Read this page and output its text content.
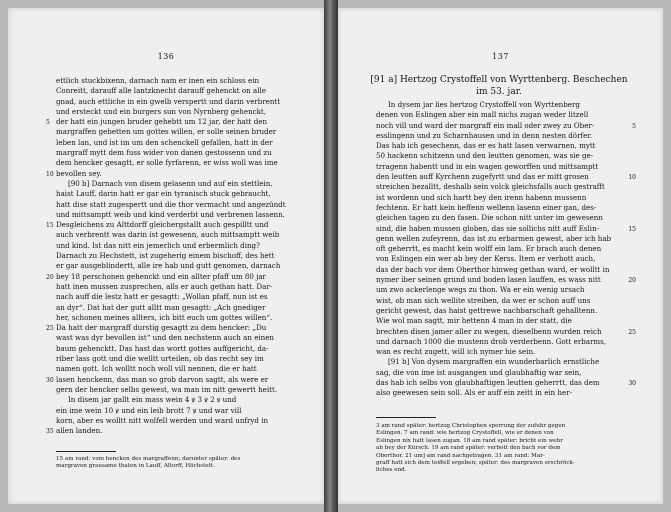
136
ettlich stuckbixenn, darnach nam er inen ein schloss ein
Conreitt, darauff alle lantzknecht darauff gehenckt on alle
gnad, auch ettliche in ein gwelb verspertt und darin verbrentt
und ersteckt und ein burgers sun von Nyrnberg gehenckt,
der hatt ein jungen bruder gehebtt um 12 jar, der hatt den
5
margraffen gebetten um gottes willen, er solle seinen bruder
leben lan, und ist im um den schenckell gefallen, hatt in der
margraff mytt dem fuss wider von danen gestossenn und zu
dem hencker gesagtt, er solle fyrfarenn, er wiss woll was ime
bevollen sey.
10
[90 b] Darnach von disem gelasenn und auf ein stettlein,
haist Lauff, darin hatt er gar ein tyranisch stuck gebraucht,
hatt dise statt zugespertt und die thor vermacht und angezündt
und mittsamptt weib und kind verderbt und verbrenen lassenn.
Desgleichens zu Alttdorff gleichergstallt auch gespilltt und
15
auch verbrentt was darin ist gewesenn, auch mittsamptt weib
und kind. Ist das nitt ein jemerlich und erbermlich ding?
Darnach zu Hechstett, ist zugeherig einem bischoff, des hett
er gar ausgeblindertt, alle ire hab und gutt genomen, darnach
bey 18 perschonen gehenckt und ein allter pfaff um 80 jar
20
hatt inen mussen zusprechen, alls er auch gethan hatt. Dar-
nach auff die lestz hatt er gesagtt: „Wollan pfaff, nun ist es
an dyr“. Dat hat der gutt alltt man gesagtt: „Ach gnediger
her, schonen meines allters, ich bitt euch um gottes willen“.
Da hatt der margraff durstig gesagtt zu dem hencker: „Du
25
wast was dyr bevollen ist“ und den nechstenn auch an einen
baum gehencktt. Das hast das wortt gottes auffgericht, da-
riber lass gott und die welltt urteilen, ob das recht sey im
namen gott. Ich wolltt noch woll vill nennen, die er hatt
lasen henckenn, das man so grob darvon sagtt, als were er
30
gern der hencker selbs gewest, wa man im nitt gewertt heitt.
In disem jar gallt ein mass wein 4 ꝟ 3 ꝟ 2 ꝟ und
ein ime wein 10 ꝟ und ein leib brott 7 ꝟ und war vill
korn, aber es wolltt nitt wolfell werden und ward unfryd in
allen landen.
35
15 am rand: vom hencken des margraffenn; darunter später: des
margraven grausame thaten in Lauff, Altorff, Höchstett.
137
[91 a] Hertzog Crystoffell von Wyrttenberg. Beschechen
im 53. jar.
In dysem jar lies hertzog Crystoffell von Wyrttenberg
denen von Eslingen aber ein mall nichs zugan weder litzell
noch vill und ward der margraff ein mall oder zwey zu Ober-	5
esslingenn und zu Scharnhausen und in denn nesten dörfer.
Das hab ich gesechenn, das er es hatt lasen verwarnen, mytt
50 hackenn schitzenn und den leutten genomen, was sie ge-
trragenn habentt und in ein wagen geworffen und mittsamptt
den leutten auff Kyrchenn zugefyrtt und das er mitt grosen	10
streichen bezalltt, deshalb sein volck gleichsfalls auch gestrafft
ist wordenn und sich hartt bey den irenn habenn mussenn
fechtenn. Er hatt kein heffenn wellenn lasenn einer gan, des-
gleichen tagen zu den fasen. Die schon nitt unter im gewesenn
sind, die haben mussen globen, das sie sollichs nitt auff Eslin-	15
genn wellen zufeyrenn, das ist zu erbarmen gewest, aber ich hab
oft geherrtt, es macht kein wolff ein lam. Er brach auch denen
von Eslingen ein wer ab bey der Kerss. Item er verbott auch,
das der bach vor dem Oberthor hinweg gethan ward, er wolltt in
nymer iber seinen grund und boden lasen lauffen, es wass nitt	20
um zwo ackerlenge wegs zu thon. Wa er ein wenig ursach
wist, ob man sich wellite streiben, da wer er schon auff uns
gericht gewest, das haist gettrewe nachbarschaft gehalltenn.
Wie wol man sagtt, mir hettenn 4 man in der statt, die
brechten disen jamer aller zu wegen, dieselbenn wurden reich	25
und darnach 1000 die mustenn drob verderbenn. Gott erbarms,
wan es recht zugett, will ich nymer hie sein.
[91 b] Von dysem margraffen ein wunderbarlich ernstliche
sag, die von ime ist ausgangen und glaubhaftig war sein,
das hab ich selbs von glaubhaftigen leutten geherrtt, das dem	30
also geewesen sein soll. Als er auff ein zeitt in ein her-
3 am rand später: hertzog Christophen sperrung der zufuhr gegen
Eslingen. 7 am rand: wie hertzog Crystoffell, wie er denen von
Eslingen nix hatt lasen zugan. 18 am rand später: bricht ein wehr
ab bey der Kürsch. 19 am rand später: verbott den bach vor dem
Oberthor. 21 um] am rand nachgetragen. 31 am rand: Mar-
graff hatt sich dem teiffell ergeben; später: des margraven erschröck-
liches end.
